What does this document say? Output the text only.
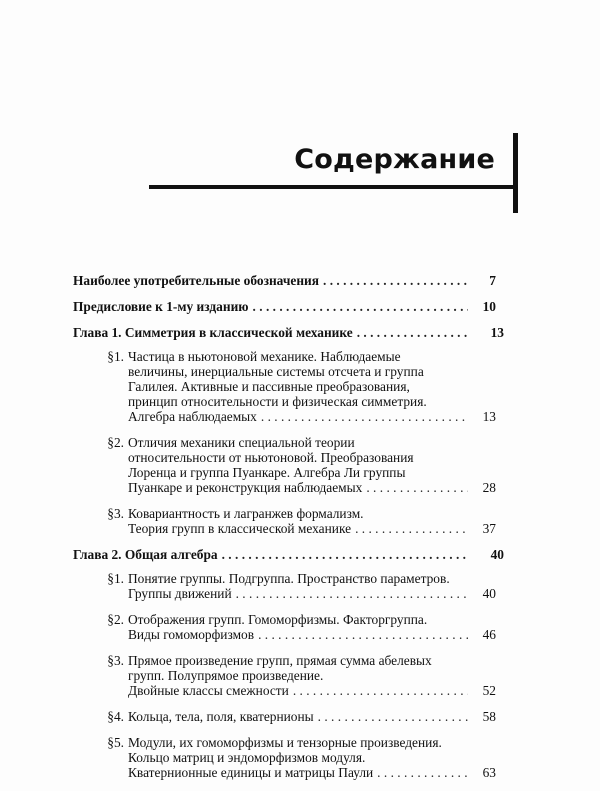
Содержание
Наиболее употребительные обозначения . . .	7
Предисловие к 1-му изданию . . .	10
Глава 1. Симметрия в классической механике . . .	13
§1. Частица в ньютоновой механике. Наблюдаемые
величины, инерциальные системы отсчета и группа
Галилея. Активные и пассивные преобразования,
принцип относительности и физическая симметрия.
Алгебра наблюдаемых . . .	13
§2. Отличия механики специальной теории
относительности от ньютоновой. Преобразования
Лоренца и группа Пуанкаре. Алгебра Ли группы
Пуанкаре и реконструкция наблюдаемых . . .	28
§3. Ковариантность и лагранжев формализм.
Теория групп в классической механике . . .	37
Глава 2. Общая алгебра . . .	40
§1. Понятие группы. Подгруппа. Пространство параметров.
Группы движений . . .	40
§2. Отображения групп. Гомоморфизмы. Факторгруппа.
Виды гомоморфизмов . . .	46
§3. Прямое произведение групп, прямая сумма абелевых
групп. Полупрямое произведение.
Двойные классы смежности . . .	52
§4. Кольца, тела, поля, кватернионы . . .	58
§5. Модули, их гомоморфизмы и тензорные произведения.
Кольцо матриц и эндоморфизмов модуля.
Кватернионные единицы и матрицы Паули . . .	63
